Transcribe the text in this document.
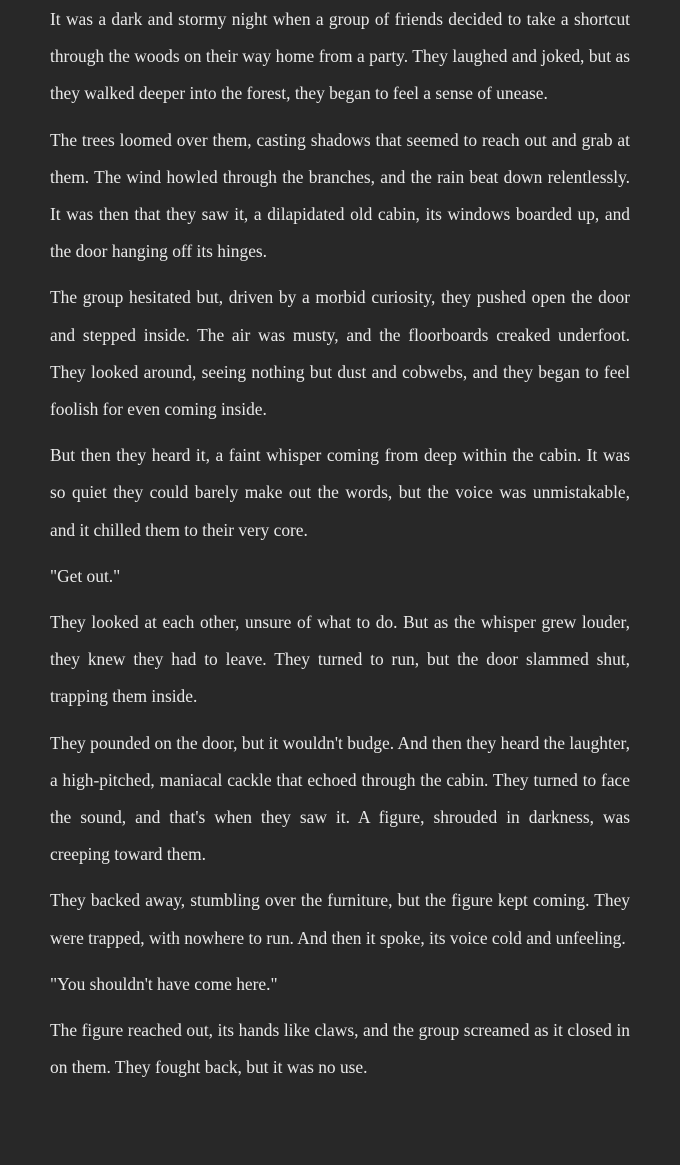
It was a dark and stormy night when a group of friends decided to take a shortcut through the woods on their way home from a party. They laughed and joked, but as they walked deeper into the forest, they began to feel a sense of unease.

The trees loomed over them, casting shadows that seemed to reach out and grab at them. The wind howled through the branches, and the rain beat down relentlessly. It was then that they saw it, a dilapidated old cabin, its windows boarded up, and the door hanging off its hinges.

The group hesitated but, driven by a morbid curiosity, they pushed open the door and stepped inside. The air was musty, and the floorboards creaked underfoot. They looked around, seeing nothing but dust and cobwebs, and they began to feel foolish for even coming inside.

But then they heard it, a faint whisper coming from deep within the cabin. It was so quiet they could barely make out the words, but the voice was unmistakable, and it chilled them to their very core.

"Get out."

They looked at each other, unsure of what to do. But as the whisper grew louder, they knew they had to leave. They turned to run, but the door slammed shut, trapping them inside.

They pounded on the door, but it wouldn't budge. And then they heard the laughter, a high-pitched, maniacal cackle that echoed through the cabin. They turned to face the sound, and that's when they saw it. A figure, shrouded in darkness, was creeping toward them.

They backed away, stumbling over the furniture, but the figure kept coming. They were trapped, with nowhere to run. And then it spoke, its voice cold and unfeeling.

"You shouldn't have come here."

The figure reached out, its hands like claws, and the group screamed as it closed in on them. They fought back, but it was no use.
